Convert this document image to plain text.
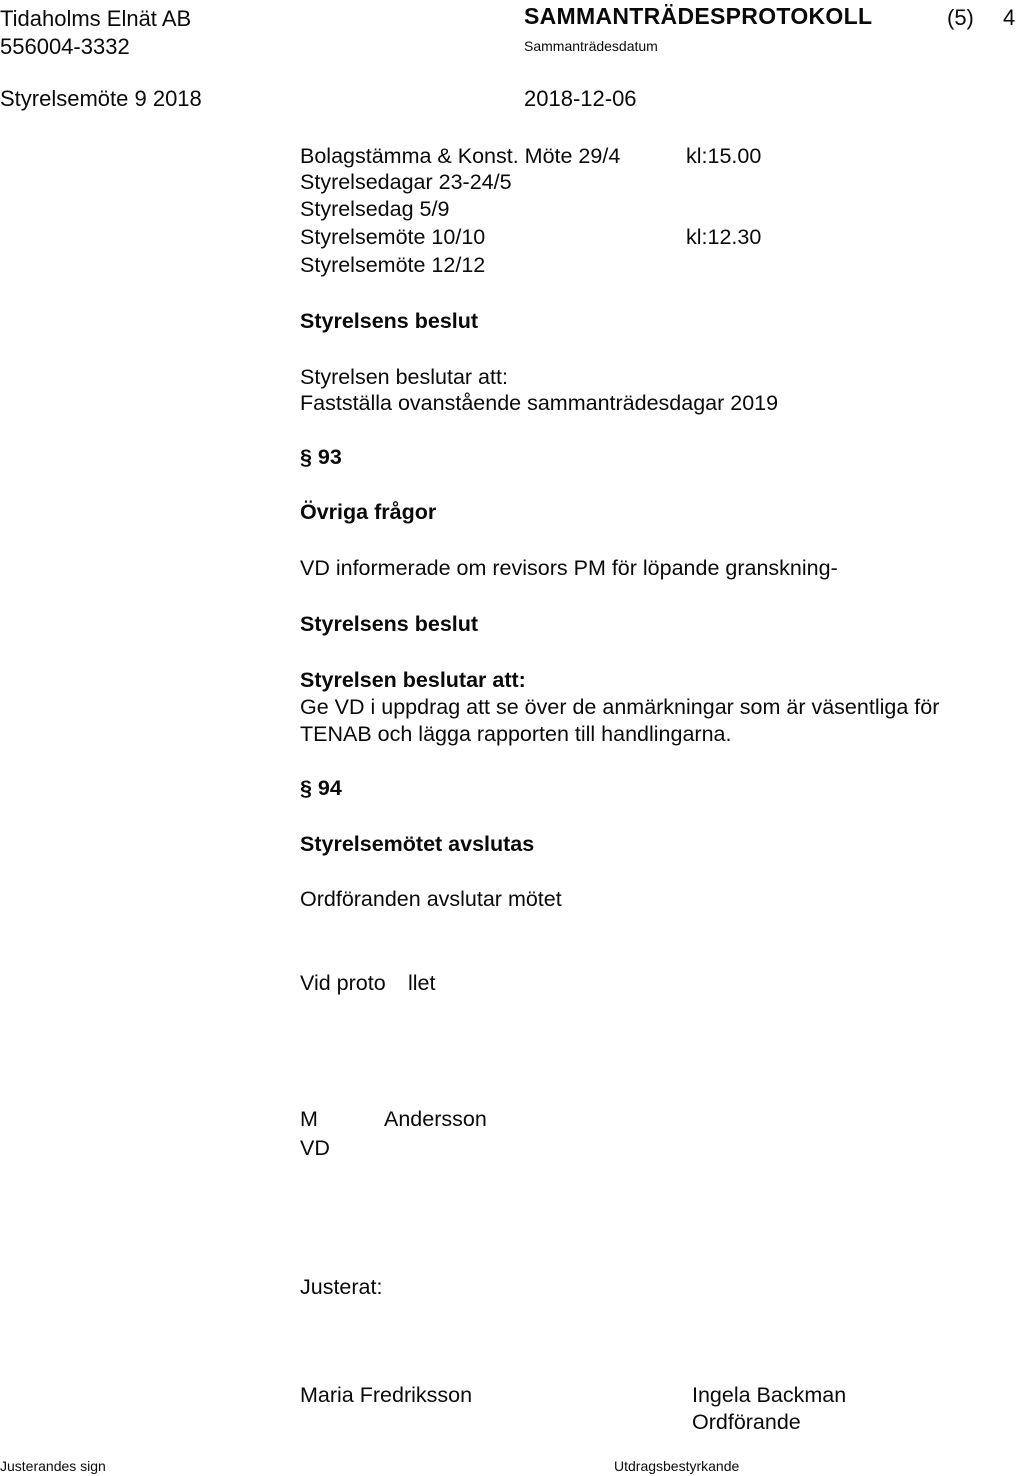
Tidaholms Elnät AB
556004-3332
Styrelsemöte 9 2018
SAMMANTRÄDESPROTOKOLL
Sammanträdesdatum
2018-12-06
(5) 4
Bolagstämma & Konst. Möte 29/4	kl:15.00
Styrelsedagar 23-24/5
Styrelsedag 5/9
Styrelsemöte 10/10	kl:12.30
Styrelsemöte 12/12
Styrelsens beslut
Styrelsen beslutar att:
Fastställa ovanstående sammanträdesdagar 2019
§ 93
Övriga frågor
VD informerade om revisors PM för löpande granskning-
Styrelsens beslut
Styrelsen beslutar att:
Ge VD i uppdrag att se över de anmärkningar som är väsentliga för
TENAB och lägga rapporten till handlingarna.
§ 94
Styrelsemötet avslutas
Ordföranden avslutar mötet
Vid proto llet
M	Andersson
VD
Justerat:
Maria Fredriksson	Ingela Backman
Ordförande
Justerandes sign	Utdragsbestyrkande
